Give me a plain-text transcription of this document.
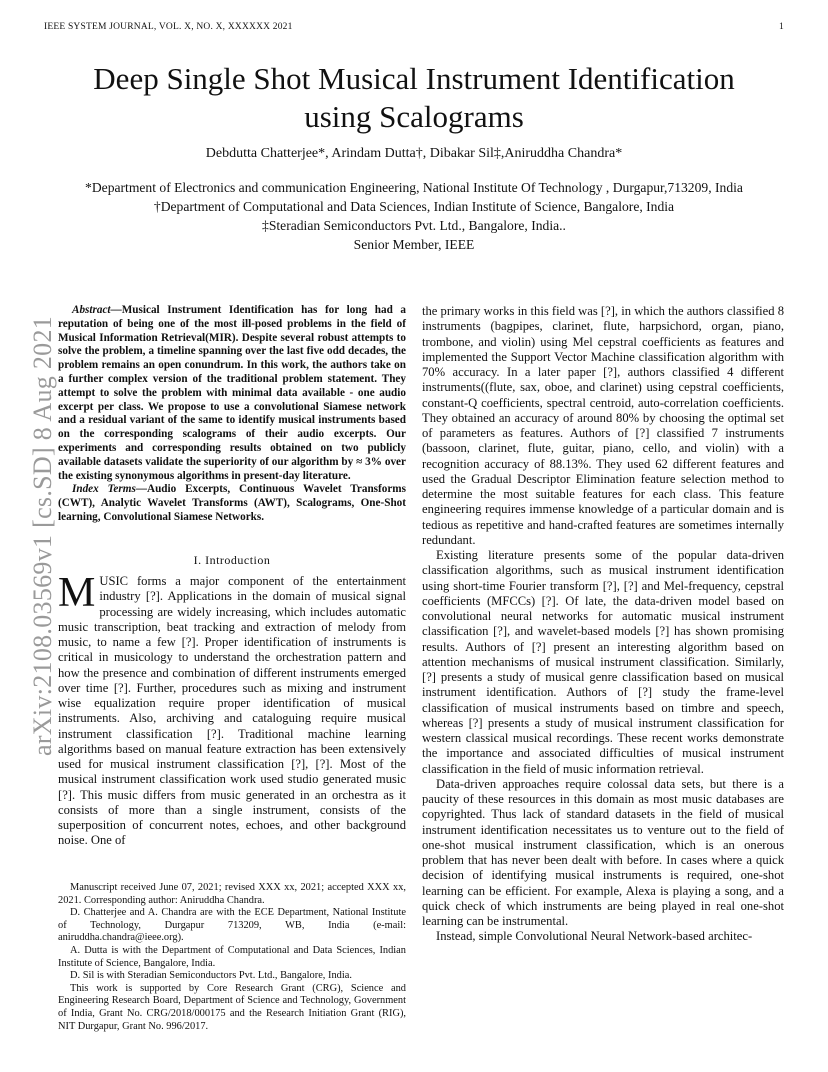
IEEE SYSTEM JOURNAL, VOL. X, NO. X, XXXXXX 2021	1
arXiv:2108.03569v1 [cs.SD] 8 Aug 2021
Deep Single Shot Musical Instrument Identification
using Scalograms
Debdutta Chatterjee*, Arindam Dutta†, Dibakar Sil‡,Aniruddha Chandra*
*Department of Electronics and communication Engineering, National Institute Of Technology , Durgapur,713209, India
†Department of Computational and Data Sciences, Indian Institute of Science, Bangalore, India
‡Steradian Semiconductors Pvt. Ltd., Bangalore, India..
Senior Member, IEEE

Abstract—Musical Instrument Identification has for long had a reputation of being one of the most ill-posed problems in the field of Musical Information Retrieval(MIR). Despite several robust attempts to solve the problem, a timeline spanning over the last five odd decades, the problem remains an open conundrum. In this work, the authors take on a further complex version of the traditional problem statement. They attempt to solve the problem with minimal data available - one audio excerpt per class. We propose to use a convolutional Siamese network and a residual variant of the same to identify musical instruments based on the corresponding scalograms of their audio excerpts. Our experiments and corresponding results obtained on two publicly available datasets validate the superiority of our algorithm by ≈ 3% over the existing synonymous algorithms in present-day literature.

Index Terms—Audio Excerpts, Continuous Wavelet Transforms (CWT), Analytic Wavelet Transforms (AWT), Scalograms, One-Shot learning, Convolutional Siamese Networks.

I. Introduction

MUSIC forms a major component of the entertainment industry [?]. Applications in the domain of musical signal processing are widely increasing, which includes automatic music transcription, beat tracking and extraction of melody from music, to name a few [?]. Proper identification of instruments is critical in musicology to understand the orchestration pattern and how the presence and combination of different instruments emerged over time [?]. Further, procedures such as mixing and instrument wise equalization require proper identification of musical instruments. Also, archiving and cataloguing require musical instrument classification [?]. Traditional machine learning algorithms based on manual feature extraction has been extensively used for musical instrument classification [?], [?]. Most of the musical instrument classification work used studio generated music [?]. This music differs from music generated in an orchestra as it consists of more than a single instrument, consists of the superposition of concurrent notes, echoes, and other background noise. One of

Manuscript received June 07, 2021; revised XXX xx, 2021; accepted XXX xx, 2021. Corresponding author: Aniruddha Chandra.

D. Chatterjee and A. Chandra are with the ECE Department, National Institute of Technology, Durgapur 713209, WB, India (e-mail: aniruddha.chandra@ieee.org).

A. Dutta is with the Department of Computational and Data Sciences, Indian Institute of Science, Bangalore, India.

D. Sil is with Steradian Semiconductors Pvt. Ltd., Bangalore, India.

This work is supported by Core Research Grant (CRG), Science and Engineering Research Board, Department of Science and Technology, Government of India, Grant No. CRG/2018/000175 and the Research Initiation Grant (RIG), NIT Durgapur, Grant No. 996/2017.

the primary works in this field was [?], in which the authors classified 8 instruments (bagpipes, clarinet, flute, harpsichord, organ, piano, trombone, and violin) using Mel cepstral coefficients as features and implemented the Support Vector Machine classification algorithm with 70% accuracy. In a later paper [?], authors classified 4 different instruments((flute, sax, oboe, and clarinet) using cepstral coefficients, constant-Q coefficients, spectral centroid, auto-correlation coefficients. They obtained an accuracy of around 80% by choosing the optimal set of parameters as features. Authors of [?] classified 7 instruments (bassoon, clarinet, flute, guitar, piano, cello, and violin) with a recognition accuracy of 88.13%. They used 62 different features and used the Gradual Descriptor Elimination feature selection method to determine the most suitable features for each class. This feature engineering requires immense knowledge of a particular domain and is tedious as repetitive and hand-crafted features are sometimes internally redundant.

Existing literature presents some of the popular data-driven classification algorithms, such as musical instrument identification using short-time Fourier transform [?], [?] and Mel-frequency, cepstral coefficients (MFCCs) [?]. Of late, the data-driven model based on convolutional neural networks for automatic musical instrument classification [?], and wavelet-based models [?] has shown promising results. Authors of [?] present an interesting algorithm based on attention mechanisms of musical instrument classification. Similarly, [?] presents a study of musical genre classification based on musical instrument identification. Authors of [?] study the frame-level classification of musical instruments based on timbre and speech, whereas [?] presents a study of musical instrument classification for western classical musical recordings. These recent works demonstrate the importance and associated difficulties of musical instrument classification in the field of music information retrieval.

Data-driven approaches require colossal data sets, but there is a paucity of these resources in this domain as most music databases are copyrighted. Thus lack of standard datasets in the field of musical instrument identification necessitates us to venture out to the field of one-shot musical instrument classification, which is an onerous problem that has never been dealt with before. In cases where a quick decision of identifying musical instruments is required, one-shot learning can be efficient. For example, Alexa is playing a song, and a quick check of which instruments are being played in real one-shot learning can be instrumental.

Instead, simple Convolutional Neural Network-based architec-
